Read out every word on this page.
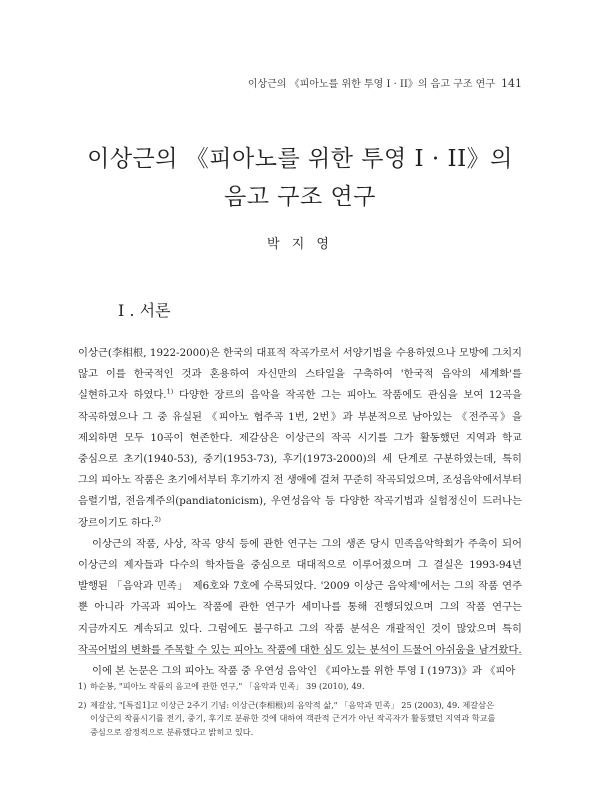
이상근의 《피아노를 위한 투영 I · II》의 음고 구조 연구 141
이상근의 《피아노를 위한 투영 I · II》의
음고 구조 연구
박 지 영
I . 서론

이상근(李相根, 1922-2000)은 한국의 대표적 작곡가로서 서양기법을 수용하였으나 모방에 그치지 않고 이를 한국적인 것과 혼용하여 자신만의 스타일을 구축하여 '한국적 음악의 세계화'를 실현하고자 하였다.$^{1)}$ 다양한 장르의 음악을 작곡한 그는 피아노 작품에도 관심을 보여 12곡을 작곡하였으나 그 중 유실된 《피아노 협주곡 1번, 2번》과 부분적으로 남아있는 《전주곡》을 제외하면 모두 10곡이 현존한다. 제갈삼은 이상근의 작곡 시기를 그가 활동했던 지역과 학교 중심으로 초기(1940-53), 중기(1953-73), 후기(1973-2000)의 세 단계로 구분하였는데, 특히 그의 피아노 작품은 초기에서부터 후기까지 전 생애에 걸쳐 꾸준히 작곡되었으며, 조성음악에서부터 음렬기법, 전음계주의(pandiatonicism), 우연성음악 등 다양한 작곡기법과 실험정신이 드러나는 장르이기도 하다.$^{2)}$

이상근의 작품, 사상, 작곡 양식 등에 관한 연구는 그의 생존 당시 민족음악학회가 주축이 되어 이상근의 제자들과 다수의 학자들을 중심으로 대대적으로 이루어졌으며 그 결실은 1993-94년 발행된 「음악과 민족」 제6호와 7호에 수록되었다. '2009 이상근 음악제'에서는 그의 작품 연주 뿐 아니라 가곡과 피아노 작품에 관한 연구가 세미나를 통해 진행되었으며 그의 작품 연구는 지금까지도 계속되고 있다. 그럼에도 불구하고 그의 작품 분석은 개괄적인 것이 많았으며 특히 작곡어법의 변화를 주목할 수 있는 피아노 작품에 대한 심도 있는 분석이 드물어 아쉬움을 남겨왔다.

이에 본 논문은 그의 피아노 작품 중 우연성 음악인 《피아노를 위한 투영 I (1973)》과 《피아

1) 하순봉, "피아노 작품의 음고에 관한 연구," 「음악과 민족」 39 (2010), 49.
2) 제갈삼, "[특집1]고 이상근 2주기 기념: 이상근(李相根)의 음악적 삶," 「음악과 민족」 25 (2003), 49. 제갈삼은 이상근의 작품시기를 전기, 중기, 후기로 분류한 것에 대하여 객관적 근거가 아닌 작곡자가 활동했던 지역과 학교를 중심으로 잠정적으로 분류했다고 밝히고 있다.
